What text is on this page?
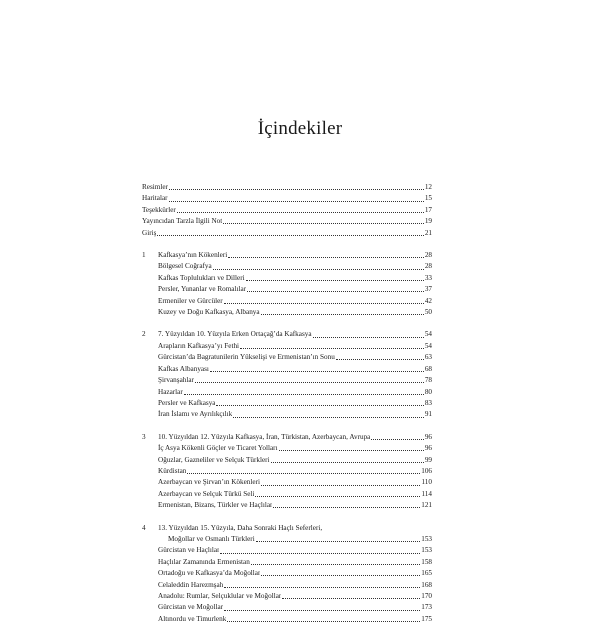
İçindekiler
Resimler	12
Haritalar	15
Teşekkürler	17
Yayıncıdan Tarzla İlgili Not	19
Giriş	21
1	Kafkasya’nın Kökenleri	28
Bölgesel Coğrafya	28
Kafkas Toplulukları ve Dilleri	33
Persler, Yunanlar ve Romalılar	37
Ermeniler ve Gürcüler	42
Kuzey ve Doğu Kafkasya, Albanya	50
2	7. Yüzyıldan 10. Yüzyıla Erken Ortaçağ’da Kafkasya	54
Arapların Kafkasya’yı Fethi	54
Gürcistan’da Bagratunilerin Yükselişi ve Ermenistan’ın Sonu	63
Kafkas Albanyası	68
Şirvanşahlar	78
Hazarlar	80
Persler ve Kafkasya	83
İran İslamı ve Ayrılıkçılık	91
3	10. Yüzyıldan 12. Yüzyıla Kafkasya, İran, Türkistan, Azerbaycan, Avrupa	96
İç Asya Kökenli Göçler ve Ticaret Yolları	96
Oğuzlar, Gazneliler ve Selçuk Türkleri	99
Kürdistan	106
Azerbaycan ve Şirvan’ın Kökenleri	110
Azerbaycan ve Selçuk Türkü Seli	114
Ermenistan, Bizans, Türkler ve Haçlılar	121
4	13. Yüzyıldan 15. Yüzyıla, Daha Sonraki Haçlı Seferleri,
Moğollar ve Osmanlı Türkleri	153
Gürcistan ve Haçlılar	153
Haçlılar Zamanında Ermenistan	158
Ortadoğu ve Kafkasya’da Moğollar	165
Celaleddin Harezmşah	168
Anadolu: Rumlar, Selçuklular ve Moğollar	170
Gürcistan ve Moğollar	173
Altınordu ve Timurlenk	175
